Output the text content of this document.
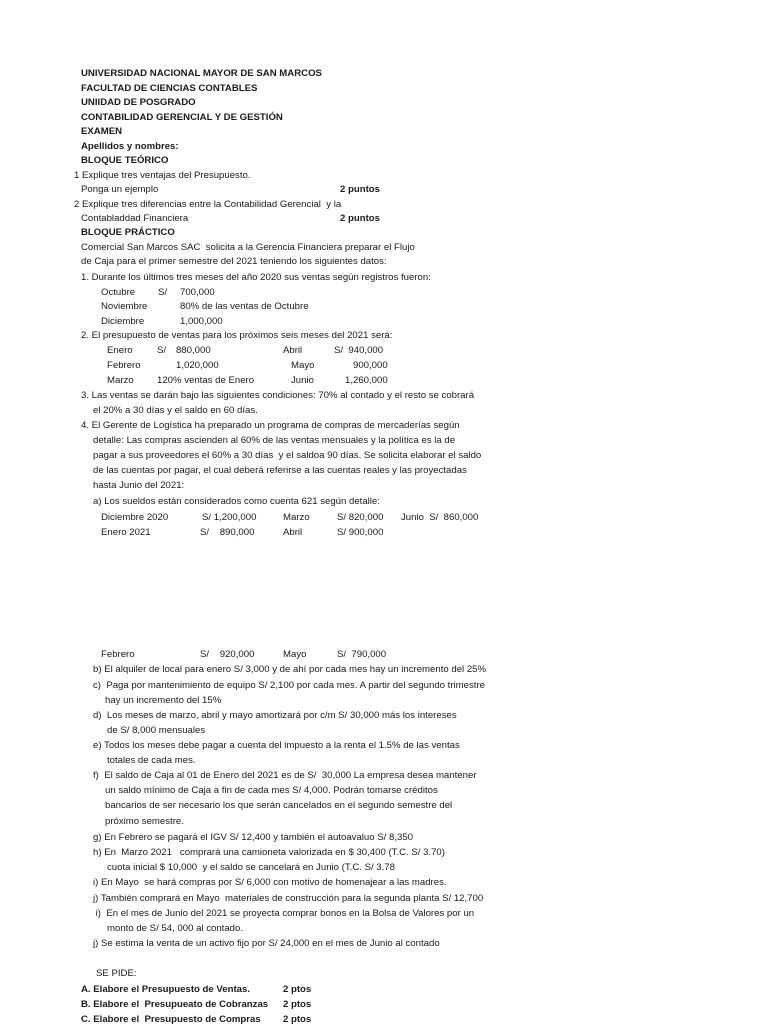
UNIVERSIDAD NACIONAL MAYOR DE SAN MARCOS
FACULTAD DE CIENCIAS CONTABLES
UNIIDAD DE POSGRADO
CONTABILIDAD GERENCIAL Y DE GESTIÓN
EXAMEN
Apellidos y nombres:
BLOQUE TEÓRICO
1 Explique tres ventajas del Presupuesto.
Ponga un ejemplo	2 puntos
2 Explique tres diferencias entre la Contabilidad Gerencial  y la
Contabladdad Financiera	2 puntos
BLOQUE PRÁCTICO
Comercial San Marcos SAC  solicita a la Gerencia Financiera preparar el Flujo
de Caja para el primer semestre del 2021 teniendo los siguientes datos:
1. Durante los últimos tres meses del año 2020 sus ventas según registros fueron:
Octubre S/ 700,000
Noviembre	80% de las ventas de Octubre
Diciembre	1,000,000
2. El presupuesto de ventas para los próximos seis meses del 2021 será:
Enero	S/ 880,000	Abril	S/  940,000
Febrero	1,020,000	Mayo	900,000
Marzo 120% ventas de Enero	Junio	1,260,000
3. Las ventas se darán bajo las siguientes condiciones: 70% al contado y el resto se cobrará
el 20% a 30 días y el saldo en 60 días.
4. El Gerente de Logística ha preparado un programa de compras de mercaderías según
detalle: Las compras ascienden al 60% de las ventas mensuales y la política es la de
pagar a sus proveedores el 60% a 30 días  y el saldoa 90 días. Se solicita elaborar el saldo
de las cuentas por pagar, el cual deberá referirse a las cuentas reales y las proyectadas
hasta Junio del 2021:
a) Los sueldos están considerados como cuenta 621 según detalle:
Diciembre 2020	S/ 1,200,000	Marzo	S/ 820,000 Junio  S/  860,000
Enero 2021	S/    890,000	Abril	S/ 900,000
Febrero	S/    920,000	Mayo	S/  790,000
b) El alquiler de local para enero S/ 3,000 y de ahí por cada mes hay un incremento del 25%
c)  Paga por mantenimiento de equipo S/ 2,100 por cada mes. A partir del segundo trimestre
hay un incremento del 15%
d)  Los meses de marzo, abril y mayo amortizará por c/m S/ 30,000 más los intereses
de S/ 8,000 mensuales
e) Todos los meses debe pagar a cuenta del impuesto a la renta el 1.5% de las ventas
totales de cada mes.
f)  El saldo de Caja al 01 de Enero del 2021 es de S/  30,000 La empresa desea mantener
un saldo mínimo de Caja a fin de cada mes S/ 4,000. Podrán tomarse créditos
bancarios de ser necesario los que serán cancelados en el segundo semestre del
próximo semestre.
g) En Febrero se pagará el IGV S/ 12,400 y también el autoavaluo S/ 8,350
h) En  Marzo 2021   comprará una camioneta valorizada en $ 30,400 (T.C. S/ 3.70)
cuota inicial $ 10,000  y el saldo se cancelará en Junio (T.C. S/ 3.78
i) En Mayo  se hará compras por S/ 6,000 con motivo de homenajear a las madres.
j) También comprará en Mayo  materiales de construcción para la segunda planta S/ 12,700
i)  En el mes de Junio del 2021 se proyecta comprar bonos en la Bolsa de Valores por un
monto de S/ 54, 000 al contado.
j) Se estima la venta de un activo fijo por S/ 24,000 en el mes de Junio al contado
SE PIDE:
A. Elabore el Presupuesto de Ventas.	2 ptos
B. Elabore el  Presupueato de Cobranzas 2 ptos
C. Elabore el  Presupuesto de Compras 2 ptos
